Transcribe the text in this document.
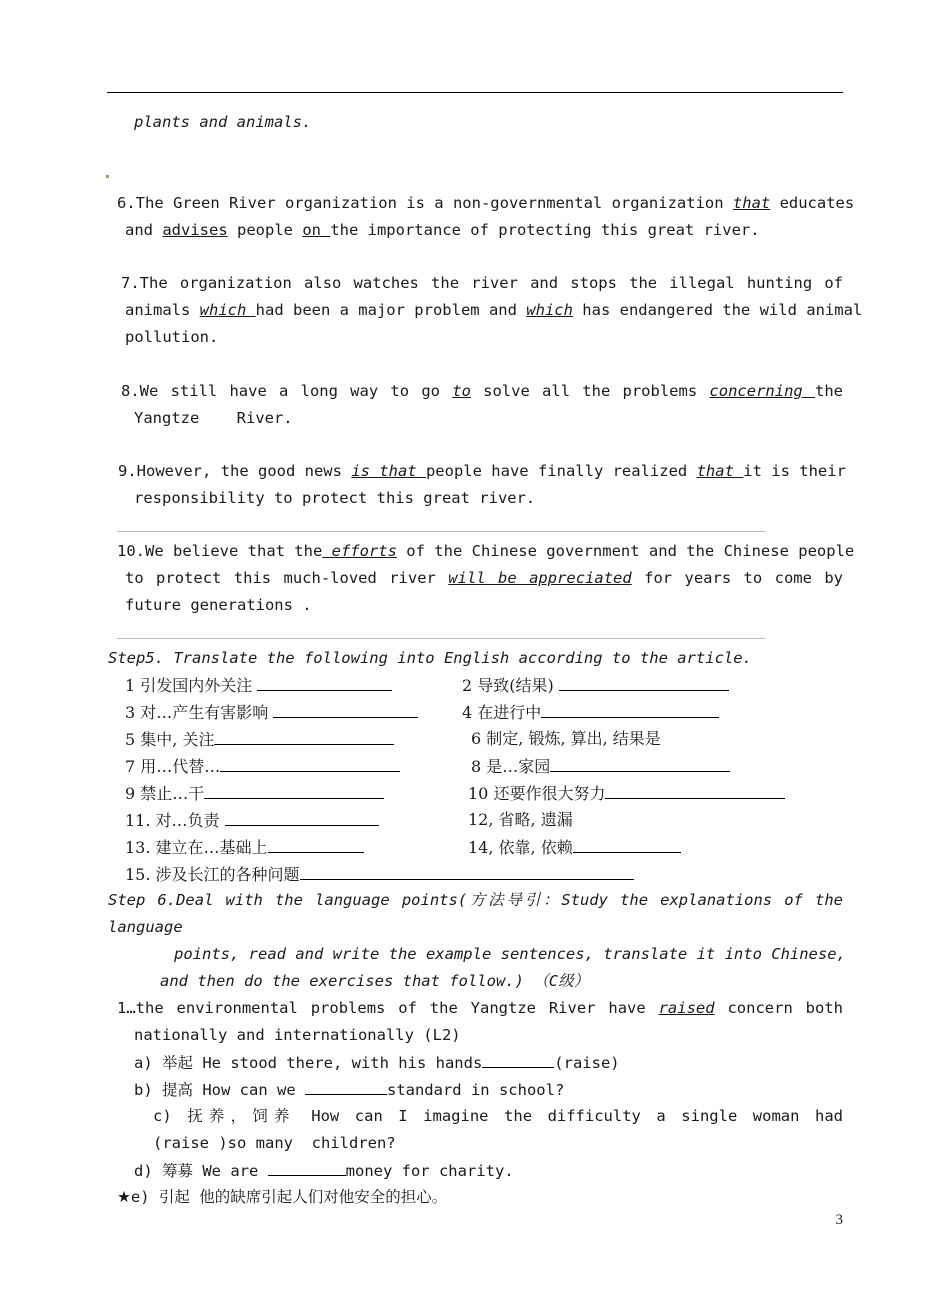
plants and animals.
6.The Green River organization is a non-governmental organization that educates
and advises people on the importance of protecting this great river.
7.The organization also watches the river and stops the illegal hunting of
animals which had been a major problem and which has endangered the wild animal
pollution.
8.We still have a long way to go to solve all the problems concerning the
Yangtze    River.
9.However, the good news is that people have finally realized that it is their
responsibility to protect this great river.
10.We believe that the efforts of the Chinese government and the Chinese people
to protect this much-loved river will be appreciated for years to come by
future generations .
Step5. Translate the following into English according to the article.
1 引发国内外关注	2 导致(结果)
3 对…产生有害影响	4 在进行中
5 集中, 关注	6 制定, 锻炼, 算出, 结果是
7 用…代替…	8 是…家园
9 禁止…干	10 还要作很大努力
11. 对…负责	12, 省略, 遗漏
13. 建立在…基础上	14, 依靠, 依赖
15. 涉及长江的各种问题
Step 6.Deal with the language points(方法导引：Study the explanations of the
language
points, read and write the example sentences, translate it into Chinese,
and then do the exercises that follow.) （C级）
1…the environmental problems of the Yangtze River have raised concern both
nationally and internationally (L2)
a) 举起 He stood there, with his hands	(raise)
b) 提高 How can we	standard in school?
c) 抚养，饲养 How can I imagine the difficulty a single woman had
(raise )so many  children?
d) 筹募 We are	money for charity.
★e) 引起 他的缺席引起人们对他安全的担心。
3
